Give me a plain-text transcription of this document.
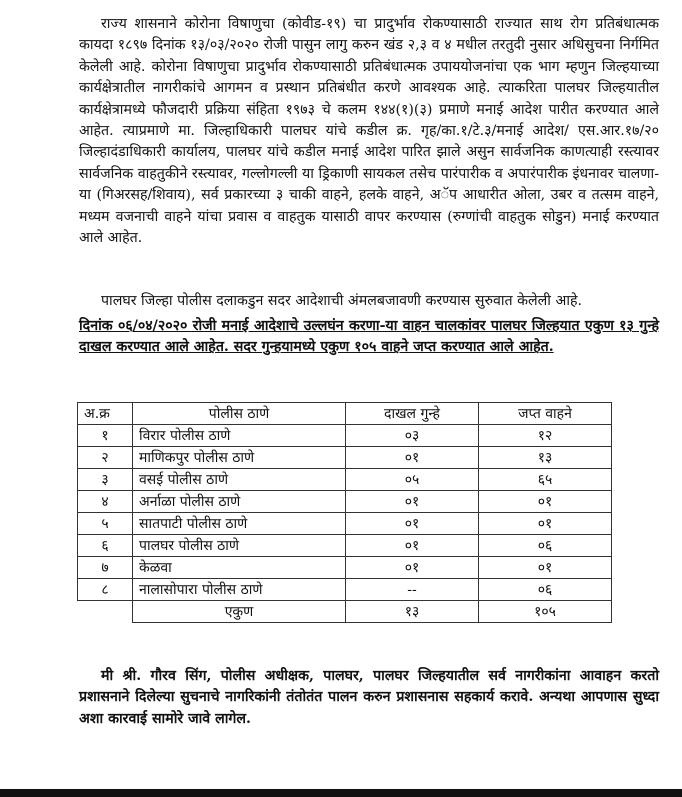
राज्य शासनाने कोरोना विषाणुचा (कोवीड-१९) चा प्रादुर्भाव रोकण्यासाठी राज्यात साथ रोग प्रतिबंधात्मक कायदा १८९७ दिनांक १३/०३/२०२० रोजी पासुन लागु करुन खंड २,३ व ४ मधील तरतुदी नुसार अधिसुचना निर्गमित केलेली आहे. कोरोना विषाणुचा प्रादुर्भाव रोकण्यासाठी प्रतिबंधात्मक उपाययोजनांचा एक भाग म्हणुन जिल्हयाच्या कार्यक्षेत्रातील नागरीकांचे आगमन व प्रस्थान प्रतिबंधीत करणे आवश्यक आहे. त्याकरिता पालघर जिल्हयातील कार्यक्षेत्रामध्ये फौजदारी प्रक्रिया संहिता १९७३ चे कलम १४४(१)(३) प्रमाणे मनाई आदेश पारीत करण्यात आले आहेत. त्याप्रमाणे मा. जिल्हाधिकारी पालघर यांचे कडील क्र. गृह/का.१/टे.३/मनाई आदेश/ एस.आर.१७/२० जिल्हादंडाधिकारी कार्यालय, पालघर यांचे कडील मनाई आदेश पारित झाले असुन सार्वजनिक काणत्याही रस्त्यावर सार्वजनिक वाहतुकीने रस्त्यावर, गल्लोगल्ली या ड्रिकाणी सायकल तसेच पारंपारीक व अपारंपारीक इंधनावर चालणा-या (गिअरसह/शिवाय), सर्व प्रकारच्या ३ चाकी वाहने, हलके वाहने, अॅप आधारीत ओला, उबर व तत्सम वाहने, मध्यम वजनाची वाहने यांचा प्रवास व वाहतुक यासाठी वापर करण्यास (रुग्णांची वाहतुक सोडुन) मनाई करण्यात आले आहेत.

पालघर जिल्हा पोलीस दलाकडुन सदर आदेशाची अंमलबजावणी करण्यास सुरुवात केलेली आहे.

दिनांक ०६/०४/२०२० रोजी मनाई आदेशाचे उल्लघंन करणा-या वाहन चालकांवर पालघर जिल्हयात एकुण १३ गुन्हे दाखल करण्यात आले आहेत. सदर गुन्हयामध्ये एकुण १०५ वाहने जप्त करण्यात आले आहेत.

अ.क्र	पोलीस ठाणे	दाखल गुन्हे	जप्त वाहने
१	विरार पोलीस ठाणे	०३	१२
२	माणिकपुर पोलीस ठाणे	०१	१३
३	वसई पोलीस ठाणे	०५	६५
४	अर्नाळा पोलीस ठाणे	०१	०१
५	सातपाटी पोलीस ठाणे	०१	०१
६	पालघर पोलीस ठाणे	०१	०६
७	केळवा	०१	०१
८	नालासोपारा पोलीस ठाणे	--	०६
	एकुण	१३	१०५

मी श्री. गौरव सिंग, पोलीस अधीक्षक, पालघर, पालघर जिल्हयातील सर्व नागरीकांना आवाहन करतो प्रशासनाने दिलेल्या सुचनाचे नागरिकांनी तंतोतंत पालन करुन प्रशासनास सहकार्य करावे. अन्यथा आपणास सुध्दा अशा कारवाई सामोरे जावे लागेल.
